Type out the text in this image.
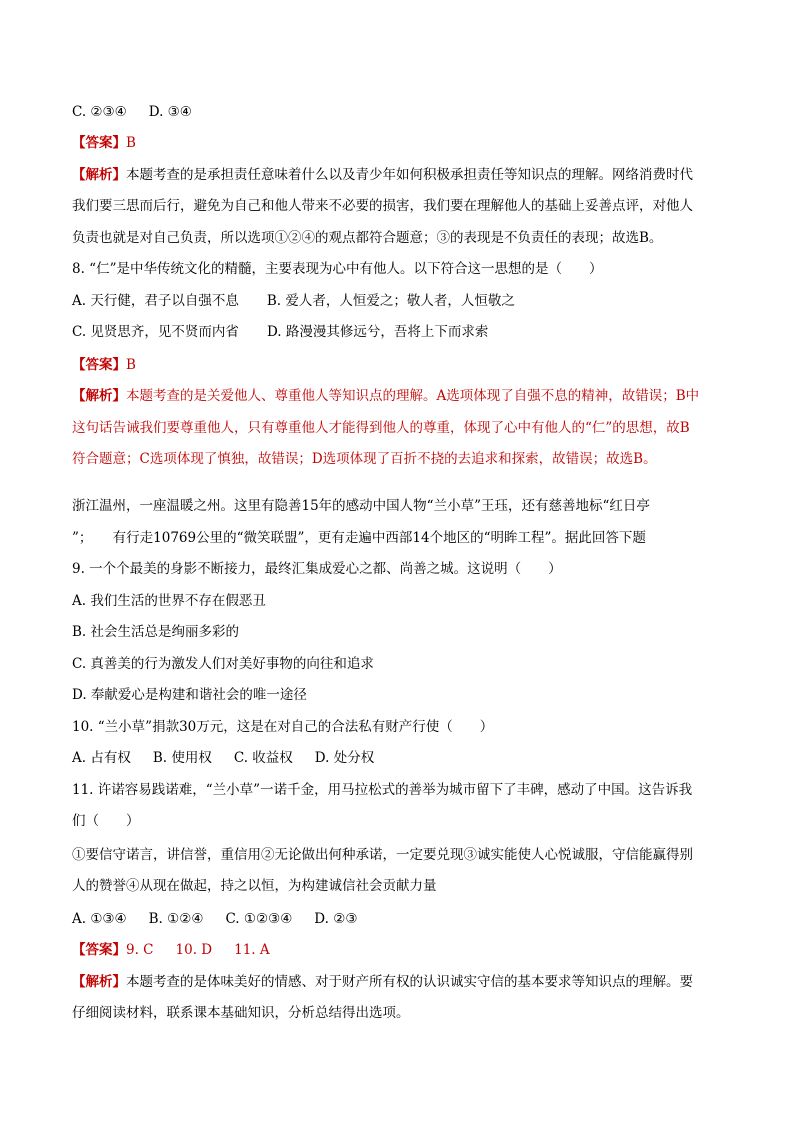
C. ②③④ D. ③④
【答案】B
【解析】本题考查的是承担责任意味着什么以及青少年如何积极承担责任等知识点的理解。网络消费时代
我们要三思而后行，避免为自己和他人带来不必要的损害，我们要在理解他人的基础上妥善点评，对他人
负责也就是对自己负责，所以选项①②④的观点都符合题意；③的表现是不负责任的表现；故选B。
8. “仁”是中华传统文化的精髓，主要表现为心中有他人。以下符合这一思想的是（　　）
A. 天行健，君子以自强不息 B. 爱人者，人恒爱之；敬人者，人恒敬之
C. 见贤思齐，见不贤而内省 D. 路漫漫其修远兮，吾将上下而求索
【答案】B
【解析】本题考查的是关爱他人、尊重他人等知识点的理解。A选项体现了自强不息的精神，故错误；B中
这句话告诫我们要尊重他人，只有尊重他人才能得到他人的尊重，体现了心中有他人的“仁”的思想，故B
符合题意；C选项体现了慎独，故错误；D选项体现了百折不挠的去追求和探索，故错误；故选B。
浙江温州，一座温暖之州。这里有隐善15年的感动中国人物“兰小草”王珏，还有慈善地标“红日亭
”；　　有行走10769公里的“微笑联盟”，更有走遍中西部14个地区的“明眸工程”。据此回答下题
9. 一个个最美的身影不断接力，最终汇集成爱心之都、尚善之城。这说明（　　）
A. 我们生活的世界不存在假恶丑
B. 社会生活总是绚丽多彩的
C. 真善美的行为激发人们对美好事物的向往和追求
D. 奉献爱心是构建和谐社会的唯一途径
10. “兰小草”捐款30万元，这是在对自己的合法私有财产行使（　　）
A. 占有权 B. 使用权 C. 收益权 D. 处分权
11. 许诺容易践诺难，“兰小草”一诺千金，用马拉松式的善举为城市留下了丰碑，感动了中国。这告诉我
们（　　）
①要信守诺言，讲信誉，重信用②无论做出何种承诺，一定要兑现③诚实能使人心悦诚服，守信能赢得别
人的赞誉④从现在做起，持之以恒，为构建诚信社会贡献力量
A. ①③④ B. ①②④ C. ①②③④ D. ②③
【答案】9. C 10. D 11. A
【解析】本题考查的是体味美好的情感、对于财产所有权的认识诚实守信的基本要求等知识点的理解。要
仔细阅读材料，联系课本基础知识，分析总结得出选项。
